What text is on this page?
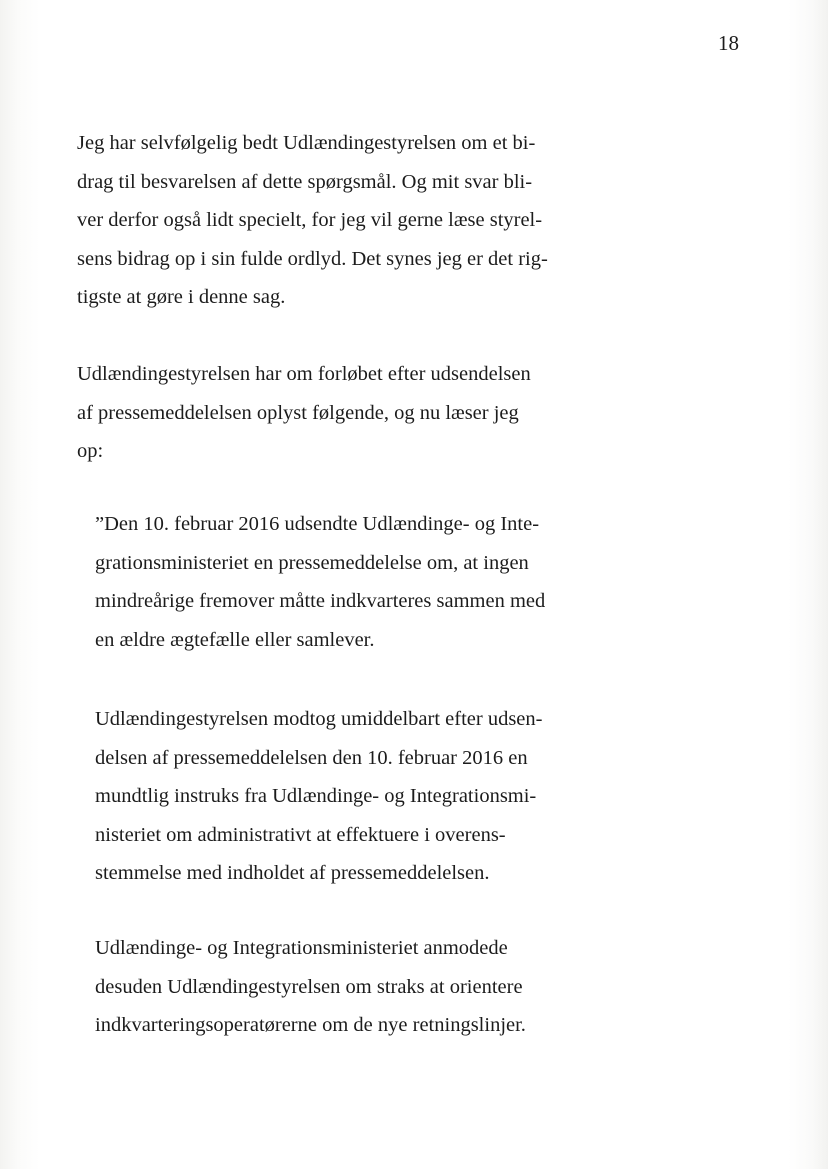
18

Jeg har selvfølgelig bedt Udlændingestyrelsen om et bi-
drag til besvarelsen af dette spørgsmål. Og mit svar bli-
ver derfor også lidt specielt, for jeg vil gerne læse styrel-
sens bidrag op i sin fulde ordlyd. Det synes jeg er det rig-
tigste at gøre i denne sag.

Udlændingestyrelsen har om forløbet efter udsendelsen
af pressemeddelelsen oplyst følgende, og nu læser jeg
op:

”Den 10. februar 2016 udsendte Udlændinge- og Inte-
grationsministeriet en pressemeddelelse om, at ingen
mindreårige fremover måtte indkvarteres sammen med
en ældre ægtefælle eller samlever.

Udlændingestyrelsen modtog umiddelbart efter udsen-
delsen af pressemeddelelsen den 10. februar 2016 en
mundtlig instruks fra Udlændinge- og Integrationsmi-
nisteriet om administrativt at effektuere i overens-
stemmelse med indholdet af pressemeddelelsen.

Udlændinge- og Integrationsministeriet anmodede
desuden Udlændingestyrelsen om straks at orientere
indkvarteringsoperatørerne om de nye retningslinjer.
